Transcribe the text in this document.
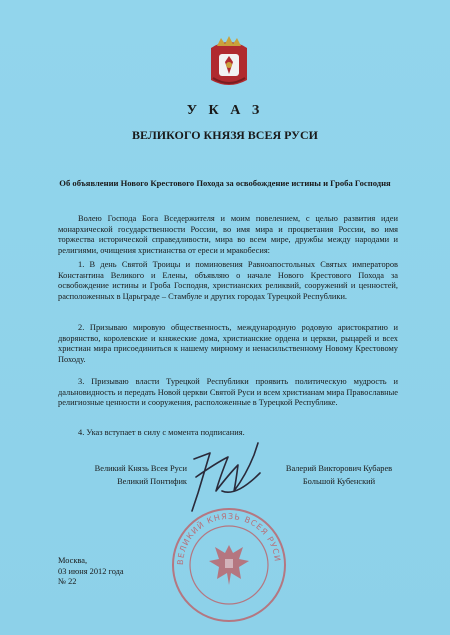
У К А З
ВЕЛИКОГО КНЯЗЯ ВСЕЯ РУСИ
Об объявлении Нового Крестового Похода за освобождение истины и Гроба Господня
Волею Господа Бога Вседержителя и моим повелением, с целью развития идеи монархической государственности России, во имя мира и процветания России, во имя торжества исторической справедливости, мира во всем мире, дружбы между народами и религиями, очищения христианства от ереси и мракобесия:
1. В день Святой Троицы и поминовения Равноапостольных Святых императоров Константина Великого и Елены, объявляю о начале Нового Крестового Похода за освобождение истины и Гроба Господня, христианских реликвий, сооружений и ценностей, расположенных в Царьграде – Стамбуле и других городах Турецкой Республики.
2. Призываю мировую общественность, международную родовую аристократию и дворянство, королевские и княжеские дома, христианские ордена и церкви, рыцарей и всех христиан мира присоединиться к нашему мирному и ненасильственному Новому Крестовому Походу.
3. Призываю власти Турецкой Республики проявить политическую мудрость и дальновидность и передать Новой церкви Святой Руси и всем христианам мира Православные религиозные ценности и сооружения, расположенные в Турецкой Республике.
4. Указ вступает в силу с момента подписания.
Великий Князь Всея Руси
Великий Понтифик
Валерий Викторович Кубарев
Большой Кубенский
ВЕЛИКИЙ КНЯЗЬ ВСЕЯ РУСИ
Москва,
03 июня 2012 года
№ 22
